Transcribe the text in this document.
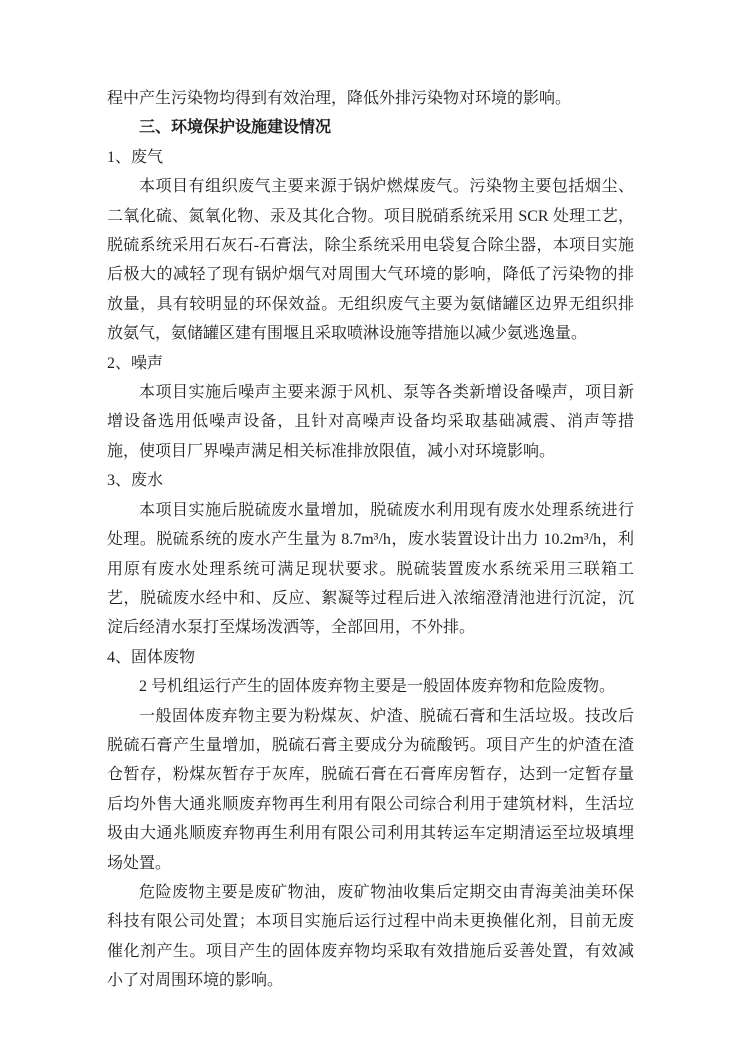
程中产生污染物均得到有效治理，降低外排污染物对环境的影响。

三、环境保护设施建设情况

1、废气

本项目有组织废气主要来源于锅炉燃煤废气。污染物主要包括烟尘、二氧化硫、氮氧化物、汞及其化合物。项目脱硝系统采用 SCR 处理工艺，脱硫系统采用石灰石-石膏法，除尘系统采用电袋复合除尘器，本项目实施后极大的减轻了现有锅炉烟气对周围大气环境的影响，降低了污染物的排放量，具有较明显的环保效益。无组织废气主要为氨储罐区边界无组织排放氨气，氨储罐区建有围堰且采取喷淋设施等措施以减少氨逃逸量。

2、噪声

本项目实施后噪声主要来源于风机、泵等各类新增设备噪声，项目新增设备选用低噪声设备，且针对高噪声设备均采取基础减震、消声等措施，使项目厂界噪声满足相关标准排放限值，减小对环境影响。

3、废水

本项目实施后脱硫废水量增加，脱硫废水利用现有废水处理系统进行处理。脱硫系统的废水产生量为 8.7m³/h，废水装置设计出力 10.2m³/h，利用原有废水处理系统可满足现状要求。脱硫装置废水系统采用三联箱工艺，脱硫废水经中和、反应、絮凝等过程后进入浓缩澄清池进行沉淀，沉淀后经清水泵打至煤场泼洒等，全部回用，不外排。

4、固体废物

2 号机组运行产生的固体废弃物主要是一般固体废弃物和危险废物。

一般固体废弃物主要为粉煤灰、炉渣、脱硫石膏和生活垃圾。技改后脱硫石膏产生量增加，脱硫石膏主要成分为硫酸钙。项目产生的炉渣在渣仓暂存，粉煤灰暂存于灰库，脱硫石膏在石膏库房暂存，达到一定暂存量后均外售大通兆顺废弃物再生利用有限公司综合利用于建筑材料，生活垃圾由大通兆顺废弃物再生利用有限公司利用其转运车定期清运至垃圾填埋场处置。

危险废物主要是废矿物油，废矿物油收集后定期交由青海美油美环保科技有限公司处置；本项目实施后运行过程中尚未更换催化剂，目前无废催化剂产生。项目产生的固体废弃物均采取有效措施后妥善处置，有效减小了对周围环境的影响。
